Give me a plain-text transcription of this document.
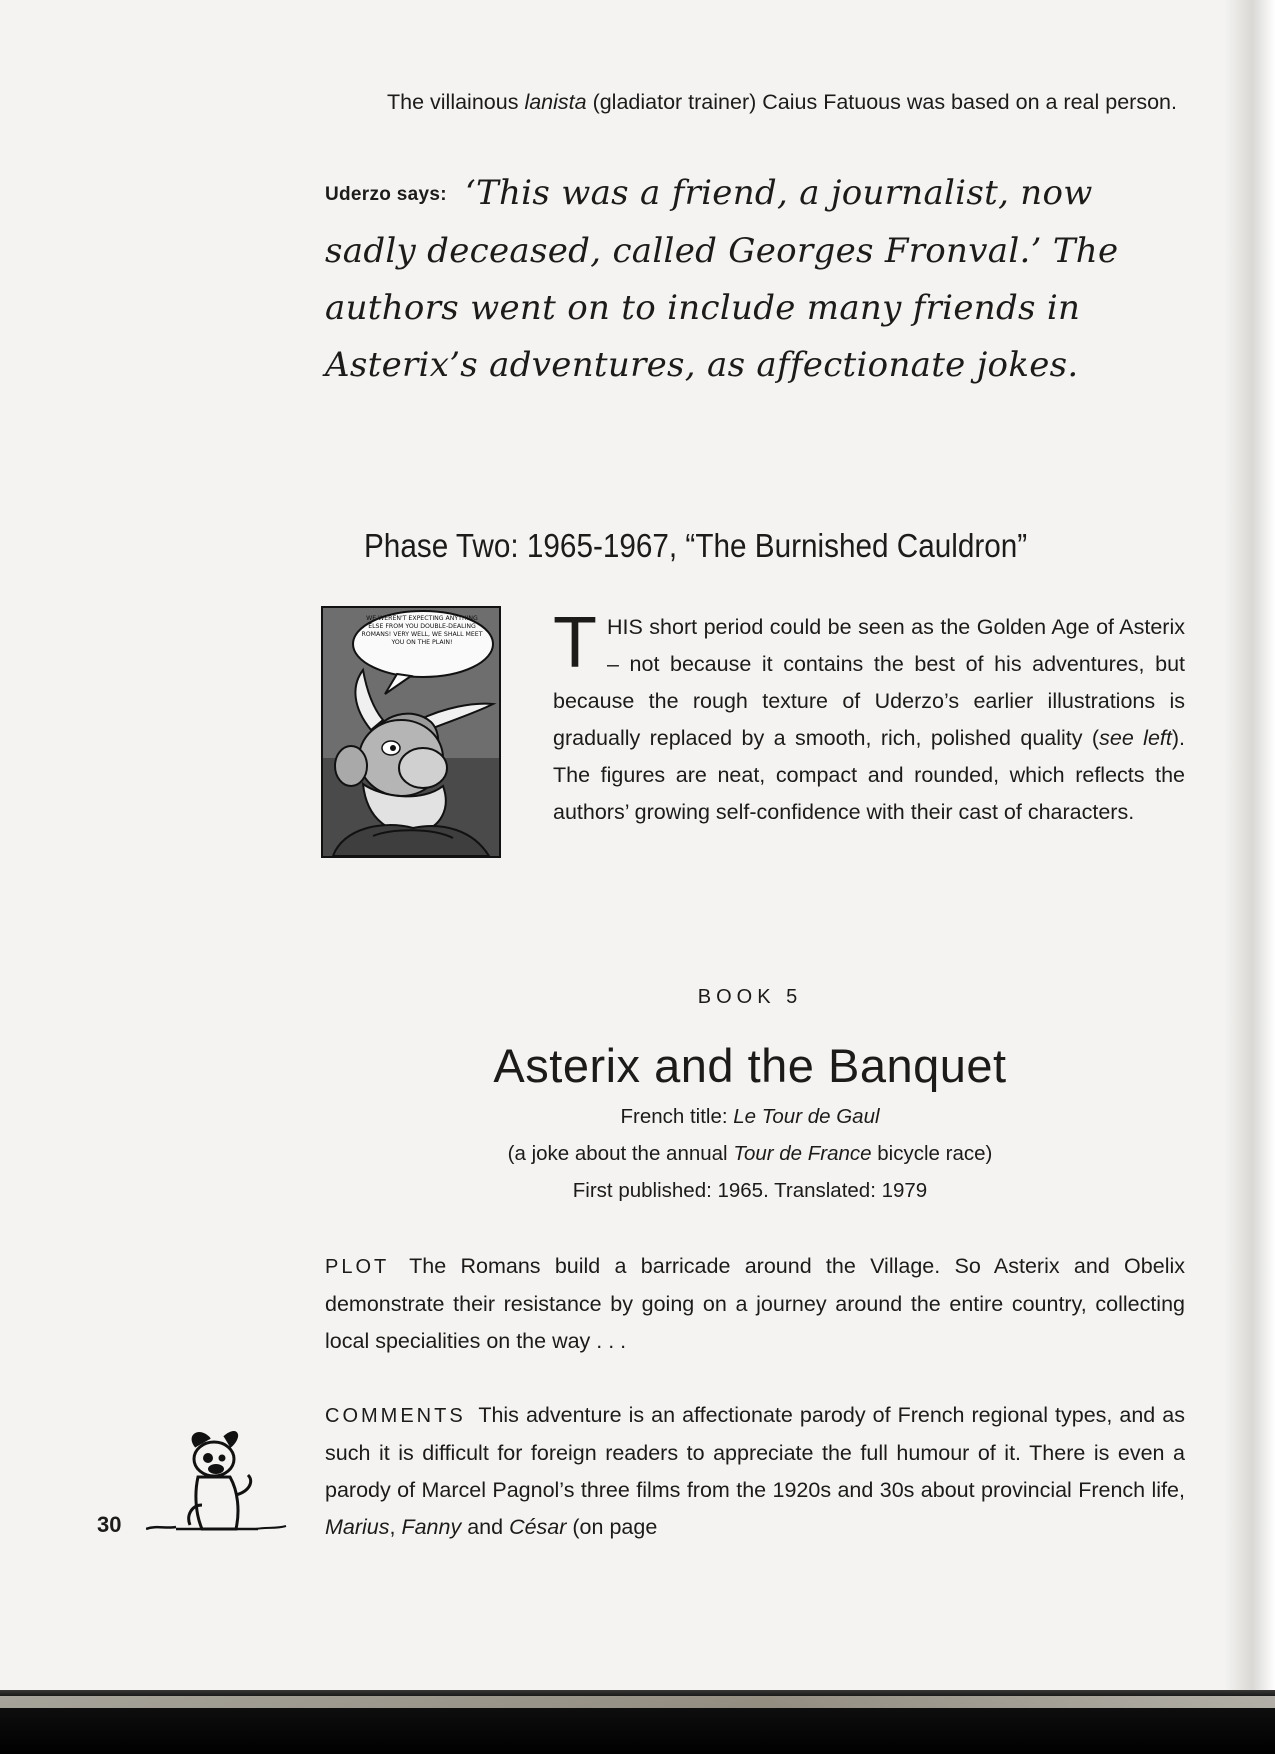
The villainous lanista (gladiator trainer) Caius Fatuous was based on a real person.

Uderzo says: ‘This was a friend, a journalist, now sadly deceased, called Georges Fronval.’ The authors went on to include many friends in Asterix’s adventures, as affectionate jokes.

Phase Two: 1965-1967, “The Burnished Cauldron”
WE WEREN'T EXPECTING ANYTHING ELSE FROM YOU DOUBLE-DEALING ROMANS! VERY WELL, WE SHALL MEET YOU ON THE PLAIN!	THIS short period could be seen as the Golden Age of Asterix – not because it contains the best of his adventures, but because the rough texture of Uderzo’s earlier illustrations is gradually replaced by a smooth, rich, polished quality (see left). The figures are neat, compact and rounded, which reflects the authors’ growing self-confidence with their cast of characters.

BOOK 5
Asterix and the Banquet
French title: Le Tour de Gaul
(a joke about the annual Tour de France bicycle race)
First published: 1965. Translated: 1979

PLOT The Romans build a barricade around the Village. So Asterix and Obelix demonstrate their resistance by going on a journey around the entire country, collecting local specialities on the way . . .

COMMENTS This adventure is an affectionate parody of French regional types, and as such it is difficult for foreign readers to appreciate the full humour of it. There is even a parody of Marcel Pagnol’s three films from the 1920s and 30s about provincial French life, Marius, Fanny and César (on page

30
